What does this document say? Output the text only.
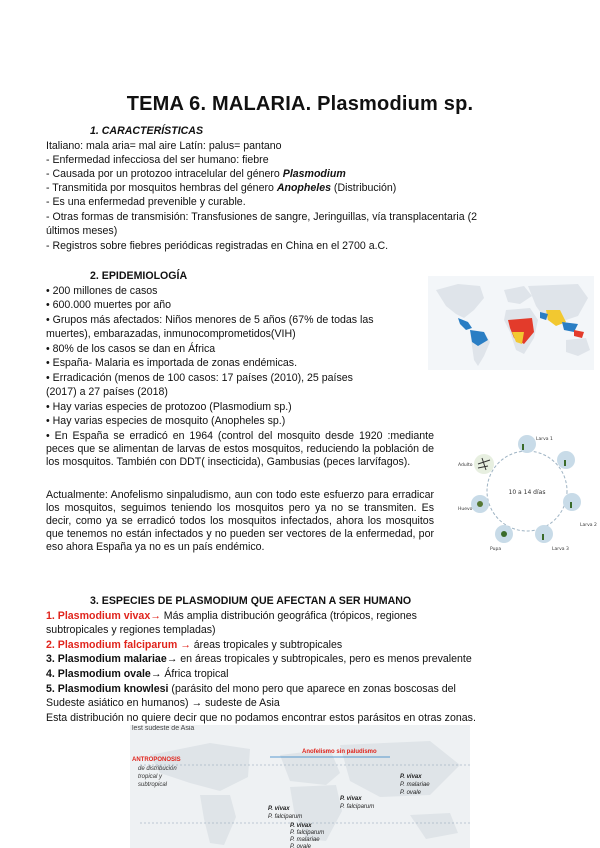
TEMA 6. MALARIA. Plasmodium sp.
1. CARACTERÍSTICAS
Italiano: mala aria= mal aire Latín: palus= pantano
- Enfermedad infecciosa del ser humano: fiebre
- Causada por un protozoo intracelular del género Plasmodium
- Transmitida por mosquitos hembras del género Anopheles (Distribución)
- Es una enfermedad prevenible y curable.
- Otras formas de transmisión: Transfusiones de sangre, Jeringuillas, vía transplacentaria (2
últimos meses)
- Registros sobre fiebres periódicas registradas en China en el 2700 a.C.
2. EPIDEMIOLOGÍA
• 200 millones de casos
• 600.000 muertes por año
• Grupos más afectados: Niños menores de 5 años (67% de todas las
muertes), embarazadas, inmunocomprometidos(VIH)
• 80% de los casos se dan en África
• España- Malaria es importada de zonas endémicas.
• Erradicación (menos de 100 casos: 17 países (2010), 25 países
(2017) a 27 países (2018)
• Hay varias especies de protozoo (Plasmodium sp.)
• Hay varias especies de mosquito (Anopheles sp.)
• En España se erradicó en 1964 (control del mosquito desde 1920 :mediante peces que se alimentan de larvas de estos mosquitos, reduciendo la población de los mosquitos. También con DDT( insecticida), Gambusias (peces larvífagos).
Actualmente: Anofelismo sinpaludismo, aun con todo este esfuerzo para erradicar los mosquitos, seguimos teniendo los mosquitos pero ya no se transmiten. Es decir, como ya se erradicó todos los mosquitos infectados, ahora los mosquitos que tenemos no están infectados y no pueden ser vectores de la enfermedad, por eso ahora España ya no es un país endémico.
10 a 14 días
Adulto
Larva 1
Larva 2
Larva 3
Pupa
Huevo
3. ESPECIES DE PLASMODIUM QUE AFECTAN A SER HUMANO
1. Plasmodium vivax→ Más amplia distribución geográfica (trópicos, regiones
subtropicales y regiones templadas)
2. Plasmodium falciparum → áreas tropicales y subtropicales
3. Plasmodium malariae→ en áreas tropicales y subtropicales, pero es menos prevalente
4. Plasmodium ovale→ África tropical
5. Plasmodium knowlesi (parásito del mono pero que aparece en zonas boscosas del
Sudeste asiático en humanos) → sudeste de Asia
Esta distribución no quiere decir que no podamos encontrar estos parásitos en otras zonas.
lest sudeste de Asia
ANTROPONOSIS
de distribución
tropical y
subtropical
Anofelismo sin paludismo
P. vivax
P. falciparum
P. vivax
P. falciparum
P. vivax
P. malariae
P. ovale
P. vivax
P. falciparum
P. malariae
P. ovale
